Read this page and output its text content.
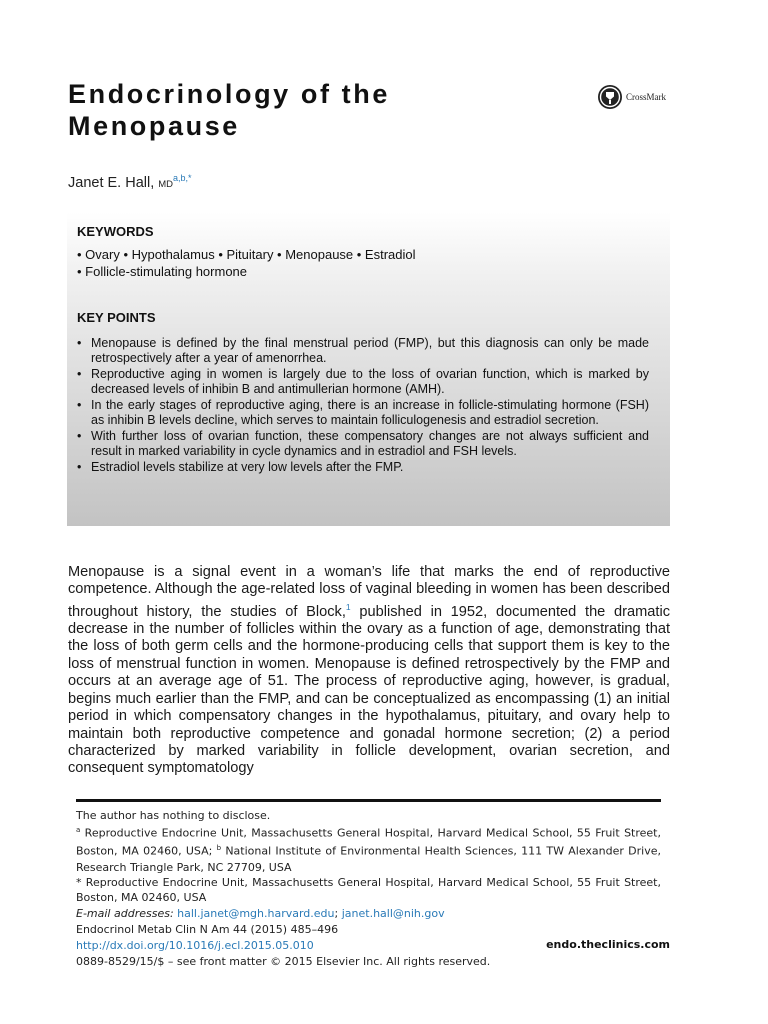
Endocrinology of the
Menopause
CrossMark
Janet E. Hall, $MD^{a,b,*}$
KEYWORDS
• Ovary • Hypothalamus • Pituitary • Menopause • Estradiol
• Follicle-stimulating hormone
KEY POINTS
• Menopause is defined by the final menstrual period (FMP), but this diagnosis can only be made retrospectively after a year of amenorrhea.
• Reproductive aging in women is largely due to the loss of ovarian function, which is marked by decreased levels of inhibin B and antimullerian hormone (AMH).
• In the early stages of reproductive aging, there is an increase in follicle-stimulating hormone (FSH) as inhibin B levels decline, which serves to maintain folliculogenesis and estradiol secretion.
• With further loss of ovarian function, these compensatory changes are not always sufficient and result in marked variability in cycle dynamics and in estradiol and FSH levels.
• Estradiol levels stabilize at very low levels after the FMP.
Menopause is a signal event in a woman’s life that marks the end of reproductive competence. Although the age-related loss of vaginal bleeding in women has been described throughout history, the studies of Block,$^1$ published in 1952, documented the dramatic decrease in the number of follicles within the ovary as a function of age, demonstrating that the loss of both germ cells and the hormone-producing cells that support them is key to the loss of menstrual function in women. Menopause is defined retrospectively by the FMP and occurs at an average age of 51. The process of reproductive aging, however, is gradual, begins much earlier than the FMP, and can be conceptualized as encompassing (1) an initial period in which compensatory changes in the hypothalamus, pituitary, and ovary help to maintain both reproductive competence and gonadal hormone secretion; (2) a period characterized by marked variability in follicle development, ovarian secretion, and consequent symptomatology
The author has nothing to disclose.
$^a$ Reproductive Endocrine Unit, Massachusetts General Hospital, Harvard Medical School, 55 Fruit Street, Boston, MA 02460, USA; $^b$ National Institute of Environmental Health Sciences, 111 TW Alexander Drive, Research Triangle Park, NC 27709, USA
* Reproductive Endocrine Unit, Massachusetts General Hospital, Harvard Medical School, 55 Fruit Street, Boston, MA 02460, USA
E-mail addresses: hall.janet@mgh.harvard.edu; janet.hall@nih.gov
Endocrinol Metab Clin N Am 44 (2015) 485–496
http://dx.doi.org/10.1016/j.ecl.2015.05.010
0889-8529/15/$ – see front matter © 2015 Elsevier Inc. All rights reserved.
endo.theclinics.com
